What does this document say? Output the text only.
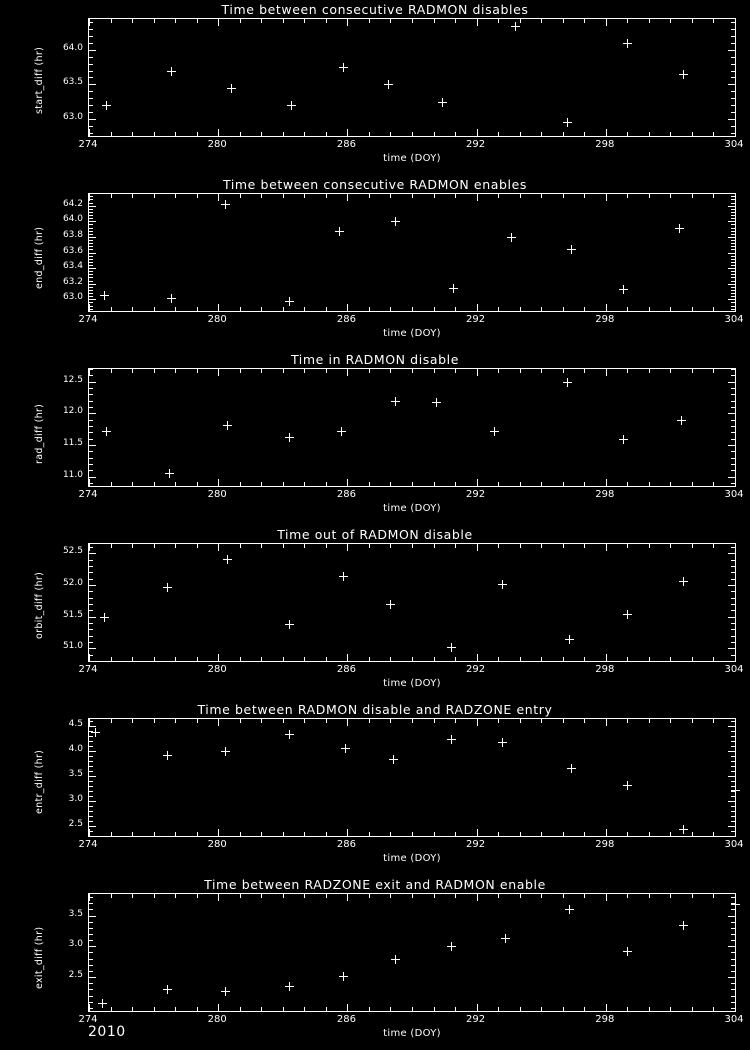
Time between consecutive RADMON disables
63.0
63.5
64.0
274	280	286	292	298	304
time (DOY)
start_diff (hr)
Time between consecutive RADMON enables
63.0
63.2
63.4
63.6
63.8
64.0
64.2
274	280	286	292	298	304
time (DOY)
end_diff (hr)
Time in RADMON disable
11.0
11.5
12.0
12.5
274	280	286	292	298	304
time (DOY)
rad_diff (hr)
Time out of RADMON disable
51.0
51.5
52.0
52.5
274	280	286	292	298	304
time (DOY)
orbit_diff (hr)
Time between RADMON disable and RADZONE entry
2.5
3.0
3.5
4.0
4.5
274	280	286	292	298	304
time (DOY)
entr_diff (hr)
Time between RADZONE exit and RADMON enable
2.5
3.0
3.5
274	280	286	292	298	304
time (DOY)
exit_diff (hr)
2010
